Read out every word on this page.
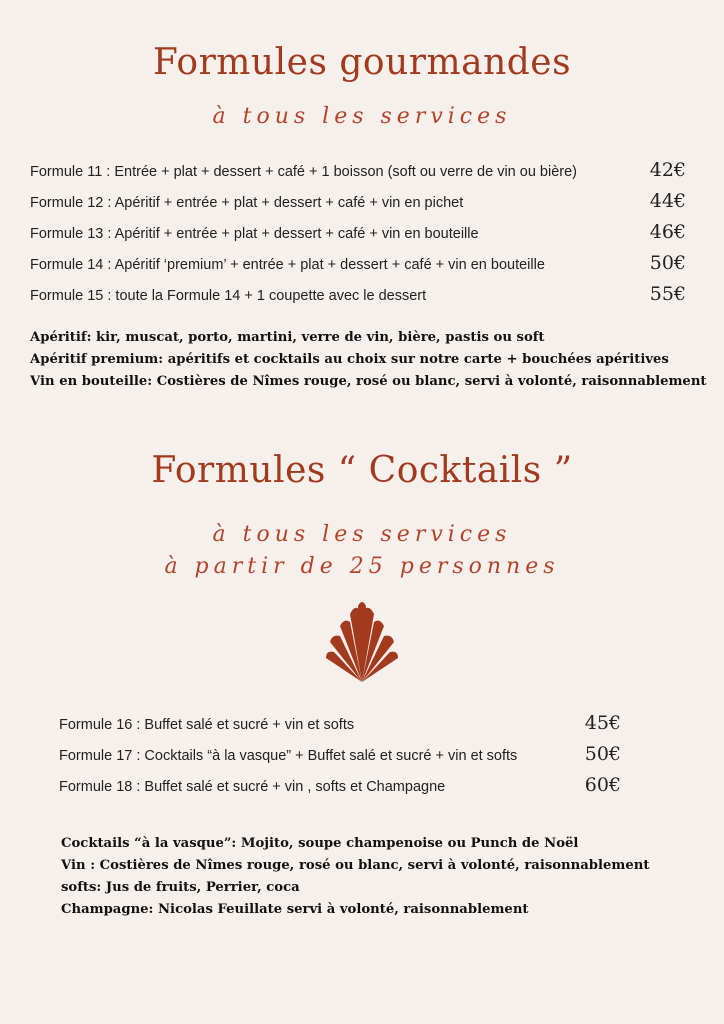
Formules gourmandes
à tous les services
Formule 11 : Entrée + plat + dessert + café + 1 boisson (soft ou verre de vin ou bière)	42€
Formule 12 : Apéritif + entrée + plat + dessert + café + vin en pichet	44€
Formule 13 : Apéritif + entrée + plat + dessert + café + vin en bouteille	46€
Formule 14 : Apéritif ‘premium’ + entrée + plat + dessert + café + vin en bouteille	50€
Formule 15 : toute la Formule 14 + 1 coupette avec le dessert	55€
Apéritif: kir, muscat, porto, martini, verre de vin, bière, pastis ou soft
Apéritif premium: apéritifs et cocktails au choix sur notre carte + bouchées apéritives
Vin en bouteille: Costières de Nîmes rouge, rosé ou blanc, servi à volonté, raisonnablement
Formules “ Cocktails ”
à tous les services
à partir de 25 personnes
Formule 16 : Buffet salé et sucré + vin et softs	45€
Formule 17 : Cocktails “à la vasque” + Buffet salé et sucré + vin et softs	50€
Formule 18 : Buffet salé et sucré + vin , softs et Champagne	60€
Cocktails “à la vasque”: Mojito, soupe champenoise ou Punch de Noël
Vin : Costières de Nîmes rouge, rosé ou blanc, servi à volonté, raisonnablement
softs: Jus de fruits, Perrier, coca
Champagne: Nicolas Feuillate servi à volonté, raisonnablement
